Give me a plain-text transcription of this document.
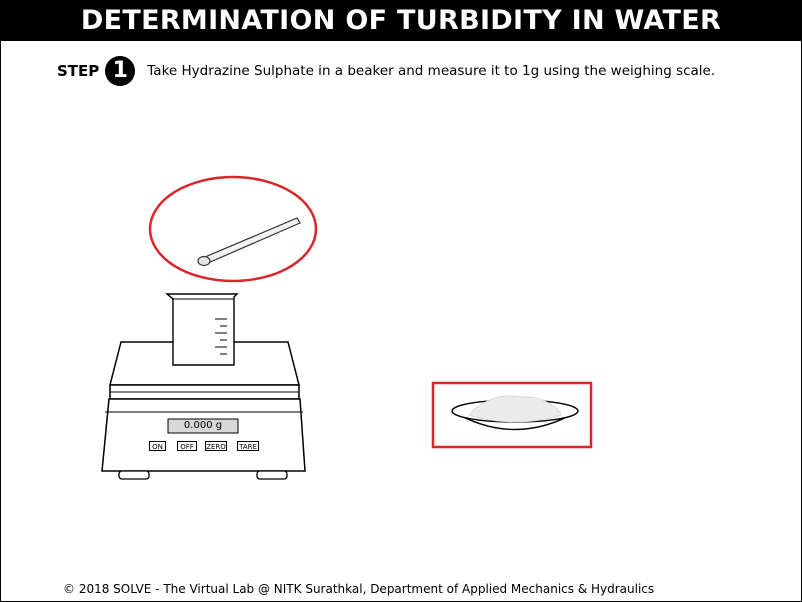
DETERMINATION OF TURBIDITY IN WATER
STEP 1	Take Hydrazine Sulphate in a beaker and measure it to 1g using the weighing scale.
0.000 g
ON	OFF	ZERO TARE
© 2018 SOLVE - The Virtual Lab @ NITK Surathkal, Department of Applied Mechanics & Hydraulics
